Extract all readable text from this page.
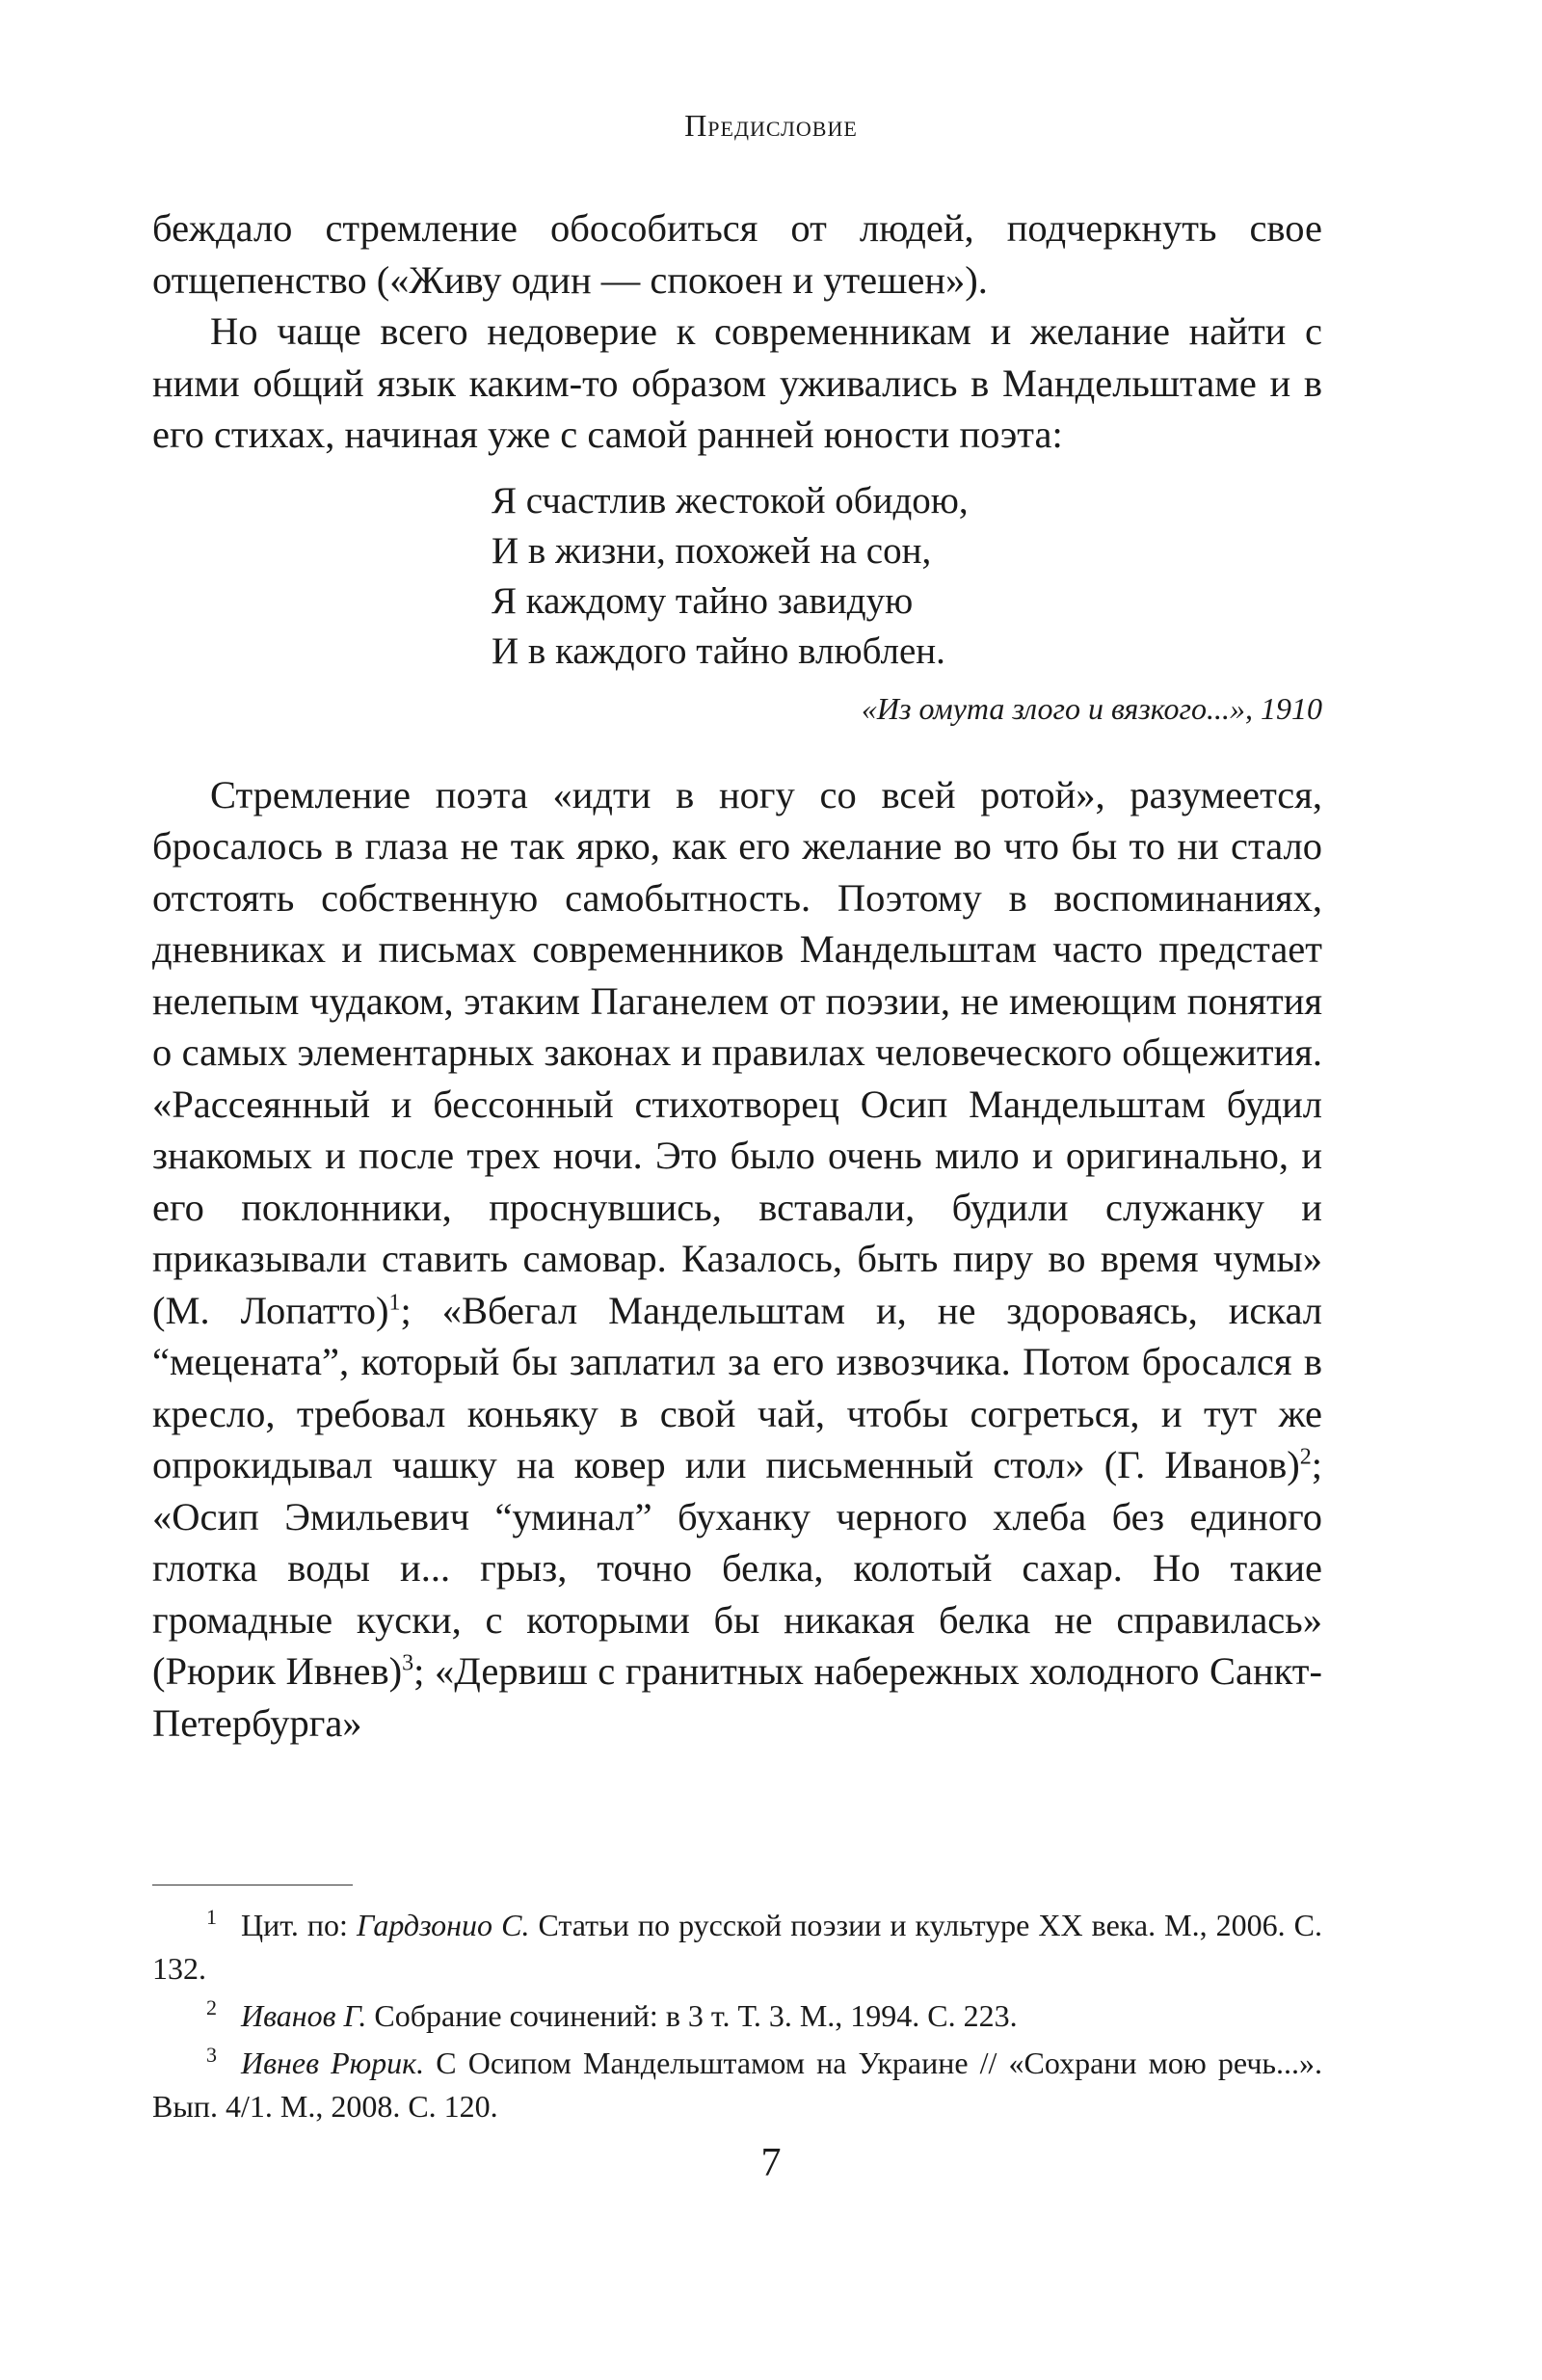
Предисловие

беждало стремление обособиться от людей, подчеркнуть свое отщепенство («Живу один — спокоен и утешен»).

Но чаще всего недоверие к современникам и желание найти с ними общий язык каким-то образом уживались в Мандельштаме и в его стихах, начиная уже с самой ранней юности поэта:

Я счастлив жестокой обидою,
И в жизни, похожей на сон,
Я каждому тайно завидую
И в каждого тайно влюблен.
«Из омута злого и вязкого...», 1910

Стремление поэта «идти в ногу со всей ротой», разумеется, бросалось в глаза не так ярко, как его желание во что бы то ни стало отстоять собственную самобытность. Поэтому в воспоминаниях, дневниках и письмах современников Мандельштам часто предстает нелепым чудаком, этаким Паганелем от поэзии, не имеющим понятия о самых элементарных законах и правилах человеческого общежития. «Рассеянный и бессонный стихотворец Осип Мандельштам будил знакомых и после трех ночи. Это было очень мило и оригинально, и его поклонники, проснувшись, вставали, будили служанку и приказывали ставить самовар. Казалось, быть пиру во время чумы» (М. Лопатто)$^1$; «Вбегал Мандельштам и, не здороваясь, искал “мецената”, который бы заплатил за его извозчика. Потом бросался в кресло, требовал коньяку в свой чай, чтобы согреться, и тут же опрокидывал чашку на ковер или письменный стол» (Г. Иванов)$^2$; «Осип Эмильевич “уминал” буханку черного хлеба без единого глотка воды и... грыз, точно белка, колотый сахар. Но такие громадные куски, с которыми бы никакая белка не справилась» (Рюрик Ивнев)$^3$; «Дервиш с гранитных набережных холодного Санкт-Петербурга»

1 Цит. по: Гардзонио С. Статьи по русской поэзии и культуре XX века. М., 2006. С. 132.

2 Иванов Г. Собрание сочинений: в 3 т. Т. 3. М., 1994. С. 223.

3 Ивнев Рюрик. С Осипом Мандельштамом на Украине // «Сохрани мою речь...». Вып. 4/1. М., 2008. С. 120.

7
